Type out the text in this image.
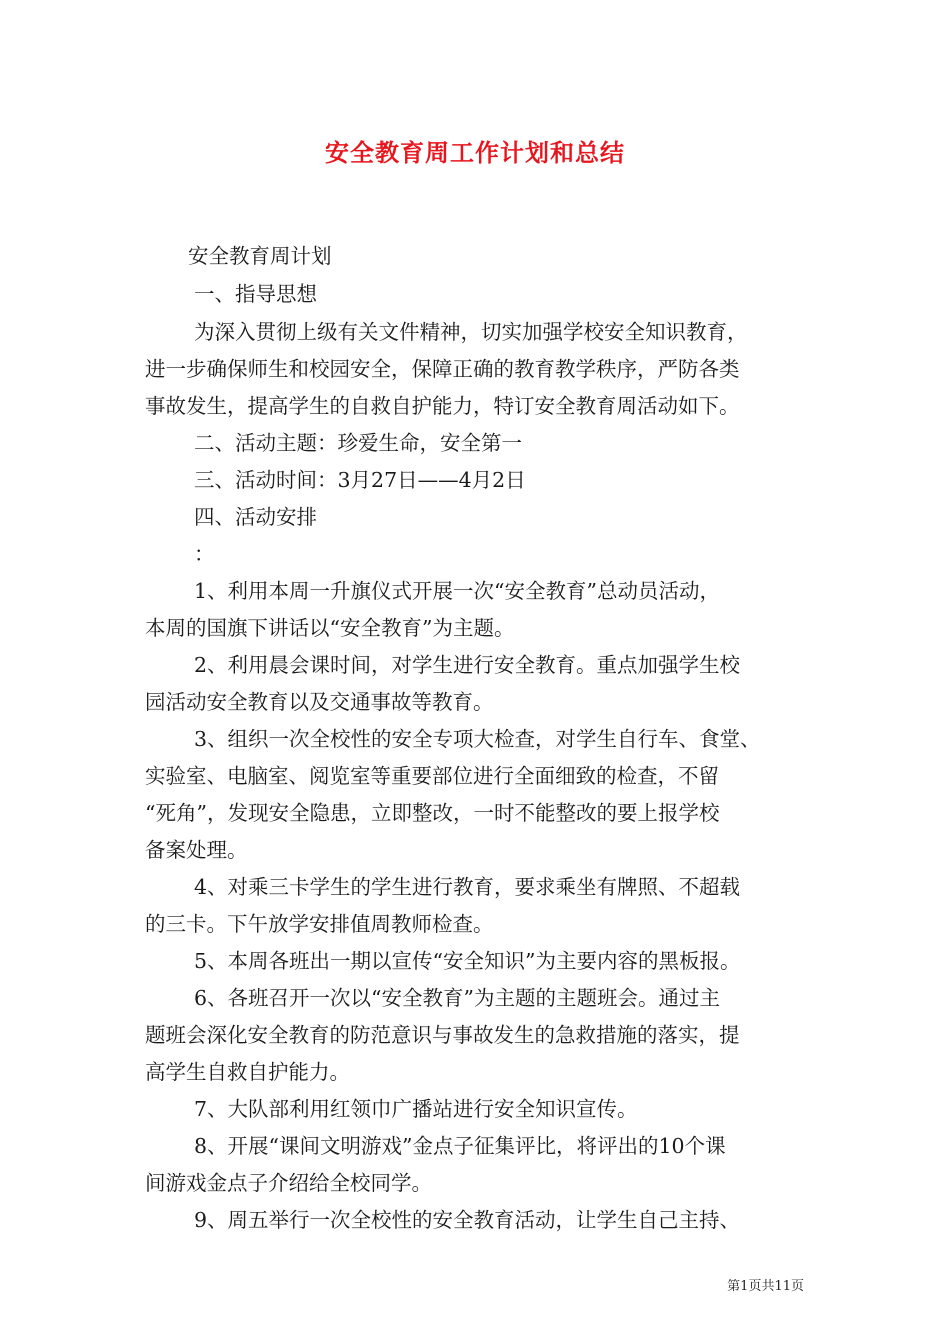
安全教育周工作计划和总结
安全教育周计划
一、指导思想
为深入贯彻上级有关文件精神，切实加强学校安全知识教育，
进一步确保师生和校园安全，保障正确的教育教学秩序，严防各类
事故发生，提高学生的自救自护能力，特订安全教育周活动如下。
二、活动主题：珍爱生命，安全第一
三、活动时间：3月27日——4月2日
四、活动安排
：
1、利用本周一升旗仪式开展一次“安全教育”总动员活动，
本周的国旗下讲话以“安全教育”为主题。
2、利用晨会课时间，对学生进行安全教育。重点加强学生校
园活动安全教育以及交通事故等教育。
3、组织一次全校性的安全专项大检查，对学生自行车、食堂、
实验室、电脑室、阅览室等重要部位进行全面细致的检查，不留
“死角”，发现安全隐患，立即整改，一时不能整改的要上报学校
备案处理。
4、对乘三卡学生的学生进行教育，要求乘坐有牌照、不超载
的三卡。下午放学安排值周教师检查。
5、本周各班出一期以宣传“安全知识”为主要内容的黑板报。
6、各班召开一次以“安全教育”为主题的主题班会。通过主
题班会深化安全教育的防范意识与事故发生的急救措施的落实，提
高学生自救自护能力。
7、大队部利用红领巾广播站进行安全知识宣传。
8、开展“课间文明游戏”金点子征集评比，将评出的10个课
间游戏金点子介绍给全校同学。
9、周五举行一次全校性的安全教育活动，让学生自己主持、
第1页共11页
